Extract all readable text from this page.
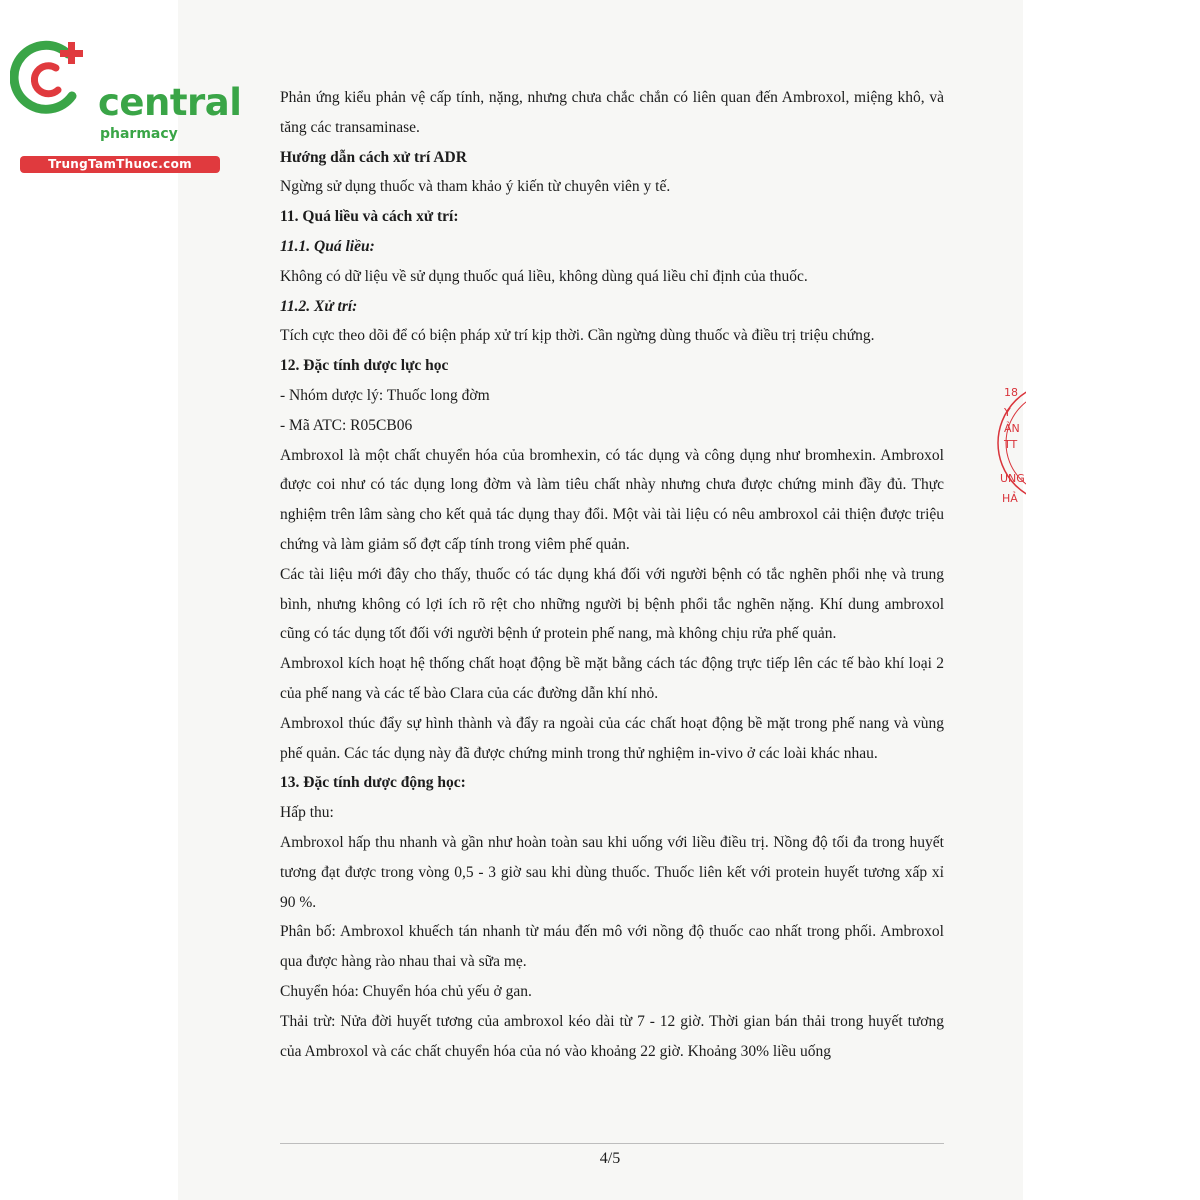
central
pharmacy
TrungTamThuoc.com

Phản ứng kiểu phản vệ cấp tính, nặng, nhưng chưa chắc chắn có liên quan đến Ambroxol, miệng khô, và tăng các transaminase.

Hướng dẫn cách xử trí ADR

Ngừng sử dụng thuốc và tham khảo ý kiến từ chuyên viên y tế.

11. Quá liều và cách xử trí:

11.1. Quá liều:

Không có dữ liệu về sử dụng thuốc quá liều, không dùng quá liều chỉ định của thuốc.

11.2. Xử trí:

Tích cực theo dõi để có biện pháp xử trí kịp thời. Cần ngừng dùng thuốc và điều trị triệu chứng.

12. Đặc tính dược lực học

- Nhóm dược lý: Thuốc long đờm

- Mã ATC: R05CB06

Ambroxol là một chất chuyển hóa của bromhexin, có tác dụng và công dụng như bromhexin. Ambroxol được coi như có tác dụng long đờm và làm tiêu chất nhày nhưng chưa được chứng minh đầy đủ. Thực nghiệm trên lâm sàng cho kết quả tác dụng thay đổi. Một vài tài liệu có nêu ambroxol cải thiện được triệu chứng và làm giảm số đợt cấp tính trong viêm phế quản.

Các tài liệu mới đây cho thấy, thuốc có tác dụng khá đối với người bệnh có tắc nghẽn phổi nhẹ và trung bình, nhưng không có lợi ích rõ rệt cho những người bị bệnh phổi tắc nghẽn nặng. Khí dung ambroxol cũng có tác dụng tốt đối với người bệnh ứ protein phế nang, mà không chịu rửa phế quản.

Ambroxol kích hoạt hệ thống chất hoạt động bề mặt bằng cách tác động trực tiếp lên các tế bào khí loại 2 của phế nang và các tế bào Clara của các đường dẫn khí nhỏ.

Ambroxol thúc đẩy sự hình thành và đẩy ra ngoài của các chất hoạt động bề mặt trong phế nang và vùng phế quản. Các tác dụng này đã được chứng minh trong thử nghiệm in-vivo ở các loài khác nhau.

13. Đặc tính dược động học:

Hấp thu:

Ambroxol hấp thu nhanh và gần như hoàn toàn sau khi uống với liều điều trị. Nồng độ tối đa trong huyết tương đạt được trong vòng 0,5 - 3 giờ sau khi dùng thuốc. Thuốc liên kết với protein huyết tương xấp xỉ 90 %.

Phân bố: Ambroxol khuếch tán nhanh từ máu đến mô với nồng độ thuốc cao nhất trong phối. Ambroxol qua được hàng rào nhau thai và sữa mẹ.

Chuyển hóa: Chuyển hóa chủ yếu ở gan.

Thải trừ: Nửa đời huyết tương của ambroxol kéo dài từ 7 - 12 giờ. Thời gian bán thải trong huyết tương của Ambroxol và các chất chuyển hóa của nó vào khoảng 22 giờ. Khoảng 30% liều uống

4/5
18
Y
ẢN
TT
UNG
HẢ
